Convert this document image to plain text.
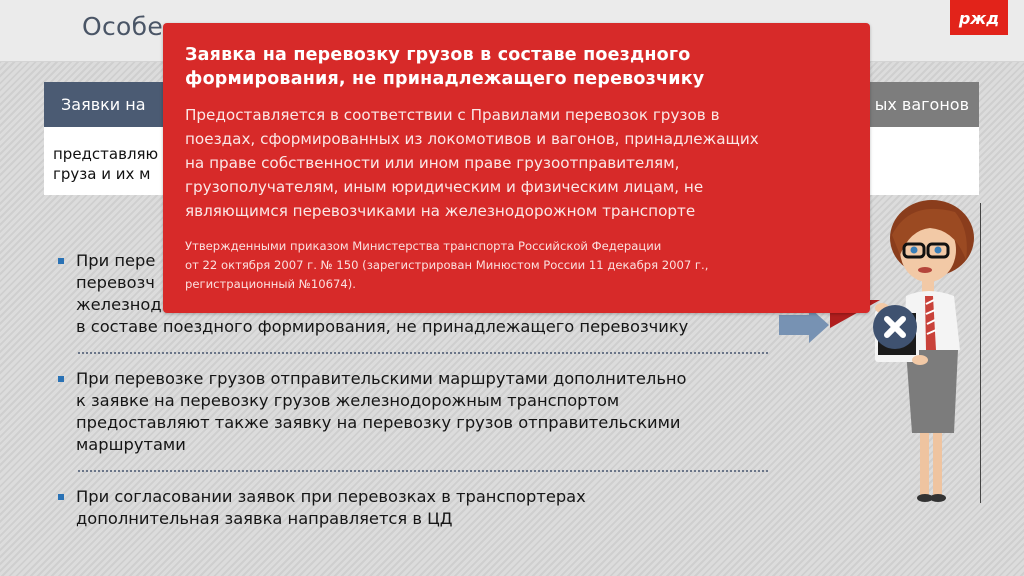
Особе	ржд
Заявки на	ых вагонов
представляю
груза и их м
При пере
перевозч
железнод
в составе поездного формирования, не принадлежащего перевозчику
При перевозке грузов отправительскими маршрутами дополнительно
к заявке на перевозку грузов железнодорожным транспортом
предоставляют также заявку на перевозку грузов отправительскими
маршрутами
При согласовании заявок при перевозках в транспортерах
дополнительная заявка направляется в ЦД
Заявка на перевозку грузов в составе поездного
формирования, не принадлежащего перевозчику
Предоставляется в соответствии с Правилами перевозок грузов в
поездах, сформированных из локомотивов и вагонов, принадлежащих
на праве собственности или ином праве грузоотправителям,
грузополучателям, иным юридическим и физическим лицам, не
являющимся перевозчиками на железнодорожном транспорте
Утвержденными приказом Министерства транспорта Российской Федерации
от 22 октября 2007 г. № 150 (зарегистрирован Минюстом России 11 декабря 2007 г.,
регистрационный №10674).
